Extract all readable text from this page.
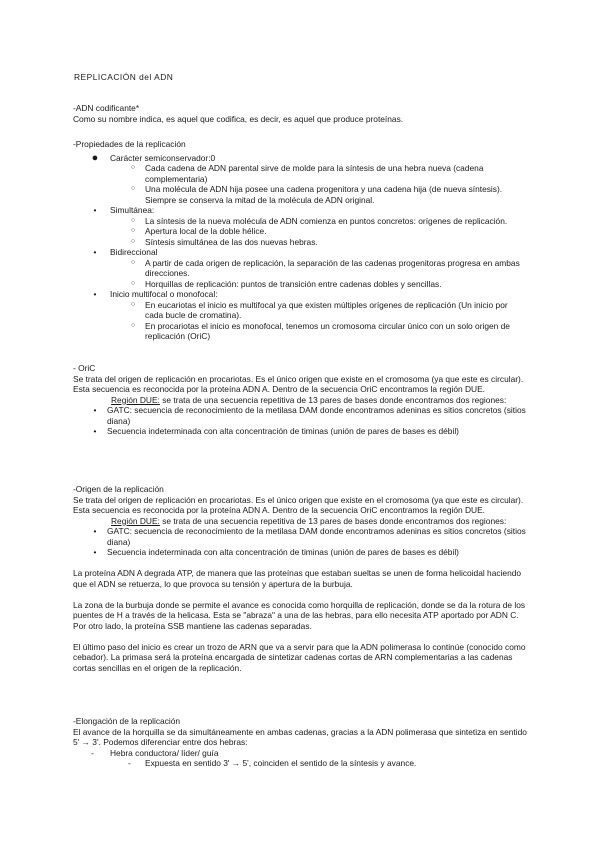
REPLICACIÓN del ADN

-ADN codificante*

Como su nombre indica, es aquel que codifica, es decir, es aquel que produce proteínas.

-Propiedades de la replicación

●	Carácter semiconservador:0
○	Cada cadena de ADN parental sirve de molde para la síntesis de una hebra nueva (cadena complementaria)
○	Una molécula de ADN hija posee una cadena progenitora y una cadena hija (de nueva síntesis). Siempre se conserva la mitad de la molécula de ADN original.
•	Simultánea:
○	La síntesis de la nueva molécula de ADN comienza en puntos concretos: orígenes de replicación.
○	Apertura local de la doble hélice.
○	Síntesis simultánea de las dos nuevas hebras.
•	Bidireccional
○	A partir de cada origen de replicación, la separación de las cadenas progenitoras progresa en ambas direcciones.
○	Horquillas de replicación: puntos de transición entre cadenas dobles y sencillas.
•	Inicio multifocal o monofocal:
○	En eucariotas el inicio es multifocal ya que existen múltiples orígenes de replicación (Un inicio por cada bucle de cromatina).
○	En procariotas el inicio es monofocal, tenemos un cromosoma circular único con un solo origen de replicación (OriC)

- OriC

Se trata del origen de replicación en procariotas. Es el único origen que existe en el cromosoma (ya que este es circular). Esta secuencia es reconocida por la proteína ADN A. Dentro de la secuencia OriC encontramos la región DUE.

Región DUE: se trata de una secuencia repetitiva de 13 pares de bases donde encontramos dos regiones:

•	GATC: secuencia de reconocimiento de la metilasa DAM donde encontramos adeninas es sitios concretos (sitios diana)
•	Secuencia indeterminada con alta concentración de timinas (unión de pares de bases es débil)

-Origen de la replicación

Se trata del origen de replicación en procariotas. Es el único origen que existe en el cromosoma (ya que este es circular). Esta secuencia es reconocida por la proteína ADN A. Dentro de la secuencia OriC encontramos la región DUE.

Región DUE: se trata de una secuencia repetitiva de 13 pares de bases donde encontramos dos regiones:

•	GATC: secuencia de reconocimiento de la metilasa DAM donde encontramos adeninas es sitios concretos (sitios diana)
•	Secuencia indeterminada con alta concentración de timinas (unión de pares de bases es débil)

La proteína ADN A degrada ATP, de manera que las proteínas que estaban sueltas se unen de forma helicoidal haciendo que el ADN se retuerza, lo que provoca su tensión y apertura de la burbuja.

La zona de la burbuja donde se permite el avance es conocida como horquilla de replicación, donde se da la rotura de los puentes de H a través de la helicasa. Esta se "abraza" a una de las hebras, para ello necesita ATP aportado por ADN C. Por otro lado, la proteína SSB mantiene las cadenas separadas.

El último paso del inicio es crear un trozo de ARN que va a servir para que la ADN polimerasa lo continúe (conocido como cebador). La primasa será la proteína encargada de sintetizar cadenas cortas de ARN complementarias a las cadenas cortas sencillas en el origen de la replicación.

-Elongación de la replicación

El avance de la horquilla se da simultáneamente en ambas cadenas, gracias a la ADN polimerasa que sintetiza en sentido 5' → 3'. Podemos diferenciar entre dos hebras:

- Hebra conductora/ líder/ guía
- Expuesta en sentido 3' → 5', coinciden el sentido de la síntesis y avance.
